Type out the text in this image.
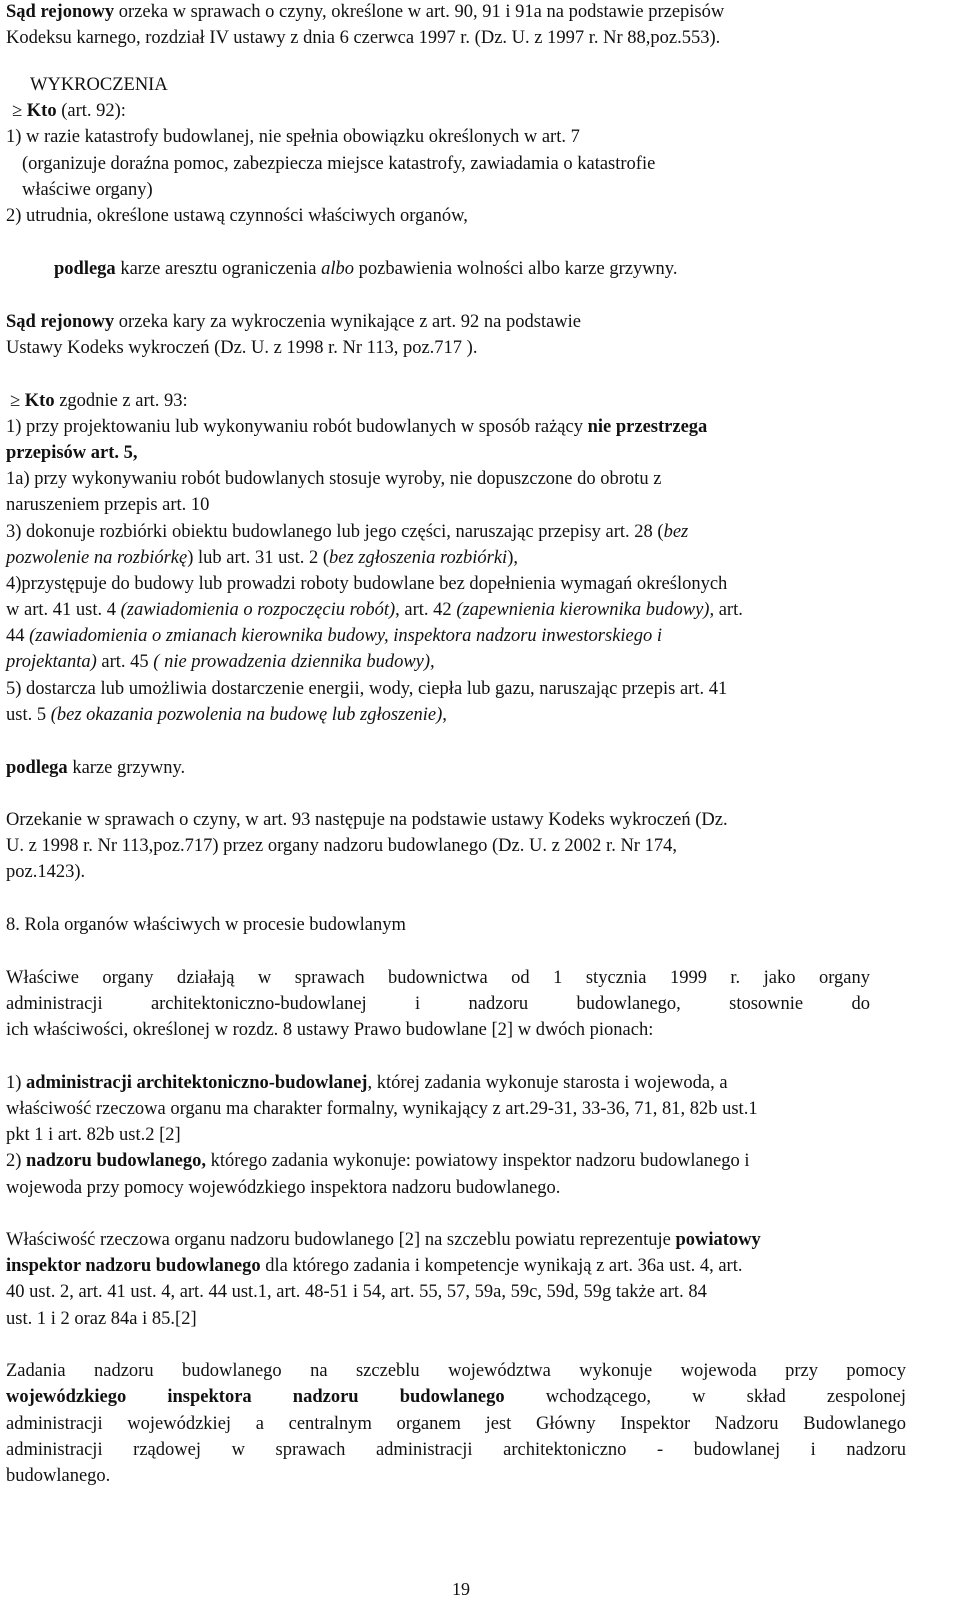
Sąd rejonowy orzeka w sprawach o czyny, określone w art. 90, 91 i 91a na podstawie przepisów
Kodeksu karnego, rozdział IV ustawy z dnia 6 czerwca 1997 r. (Dz. U. z 1997 r. Nr 88,poz.553).
WYKROCZENIA
≥ Kto (art. 92):
1) w razie katastrofy budowlanej, nie spełnia obowiązku określonych w art. 7
(organizuje doraźna pomoc, zabezpiecza miejsce katastrofy, zawiadamia o katastrofie
właściwe organy)
2) utrudnia, określone ustawą czynności właściwych organów,
podlega karze aresztu ograniczenia albo pozbawienia wolności albo karze grzywny.
Sąd rejonowy orzeka kary za wykroczenia wynikające z art. 92 na podstawie
Ustawy Kodeks wykroczeń (Dz. U. z 1998 r. Nr 113, poz.717 ).
≥ Kto zgodnie z art. 93:
1) przy projektowaniu lub wykonywaniu robót budowlanych w sposób rażący nie przestrzega
przepisów art. 5,
1a) przy wykonywaniu robót budowlanych stosuje wyroby, nie dopuszczone do obrotu z
naruszeniem przepis art. 10
3) dokonuje rozbiórki obiektu budowlanego lub jego części, naruszając przepisy art. 28 (bez
pozwolenie na rozbiórkę) lub art. 31 ust. 2 (bez zgłoszenia rozbiórki),
4)przystępuje do budowy lub prowadzi roboty budowlane bez dopełnienia wymagań określonych
w art. 41 ust. 4 (zawiadomienia o rozpoczęciu robót), art. 42 (zapewnienia kierownika budowy), art.
44 (zawiadomienia o zmianach kierownika budowy, inspektora nadzoru inwestorskiego i
projektanta) art. 45 ( nie prowadzenia dziennika budowy),
5) dostarcza lub umożliwia dostarczenie energii, wody, ciepła lub gazu, naruszając przepis art. 41
ust. 5 (bez okazania pozwolenia na budowę lub zgłoszenie),
podlega karze grzywny.
Orzekanie w sprawach o czyny, w art. 93 następuje na podstawie ustawy Kodeks wykroczeń (Dz.
U. z 1998 r. Nr 113,poz.717) przez organy nadzoru budowlanego (Dz. U. z 2002 r. Nr 174,
poz.1423).
8. Rola organów właściwych w procesie budowlanym
Właściwe organy działają w sprawach budownictwa od 1 stycznia 1999 r. jako organy
administracji architektoniczno-budowlanej i nadzoru budowlanego, stosownie do
ich właściwości, określonej w rozdz. 8 ustawy Prawo budowlane [2] w dwóch pionach:
1) administracji architektoniczno-budowlanej, której zadania wykonuje starosta i wojewoda, a
właściwość rzeczowa organu ma charakter formalny, wynikający z art.29-31, 33-36, 71, 81, 82b ust.1
pkt 1 i art. 82b ust.2 [2]
2) nadzoru budowlanego, którego zadania wykonuje: powiatowy inspektor nadzoru budowlanego i
wojewoda przy pomocy wojewódzkiego inspektora nadzoru budowlanego.
Właściwość rzeczowa organu nadzoru budowlanego [2] na szczeblu powiatu reprezentuje powiatowy
inspektor nadzoru budowlanego dla którego zadania i kompetencje wynikają z art. 36a ust. 4, art.
40 ust. 2, art. 41 ust. 4, art. 44 ust.1, art. 48-51 i 54, art. 55, 57, 59a, 59c, 59d, 59g także art. 84
ust. 1 i 2 oraz 84a i 85.[2]
Zadania nadzoru budowlanego na szczeblu województwa wykonuje wojewoda przy pomocy
wojewódzkiego inspektora nadzoru budowlanego wchodzącego, w skład zespolonej
administracji wojewódzkiej a centralnym organem jest Główny Inspektor Nadzoru Budowlanego
administracji rządowej w sprawach administracji architektoniczno - budowlanej i nadzoru
budowlanego.
19
